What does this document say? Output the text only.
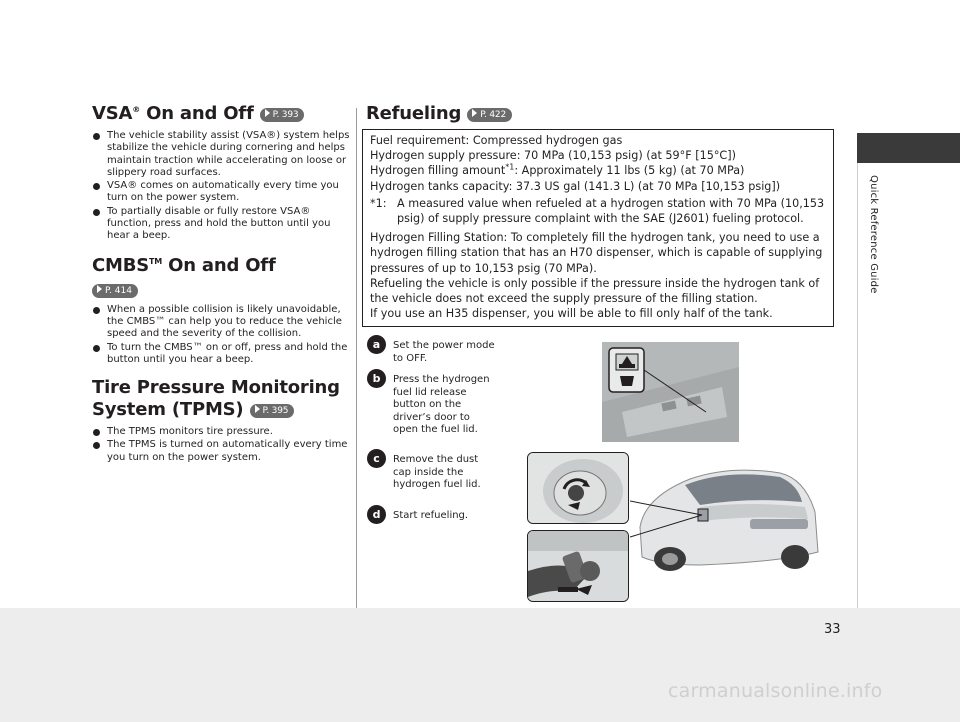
Quick Reference Guide
VSA® On and Off P. 393
The vehicle stability assist (VSA®) system helps stabilize the vehicle during cornering and helps maintain traction while accelerating on loose or slippery road surfaces.
VSA® comes on automatically every time you turn on the power system.
To partially disable or fully restore VSA® function, press and hold the button until you hear a beep.
CMBS™ On and Off
P. 414
When a possible collision is likely unavoidable, the CMBS™ can help you to reduce the vehicle speed and the severity of the collision.
To turn the CMBS™ on or off, press and hold the button until you hear a beep.
Tire Pressure Monitoring
System (TPMS) P. 395
The TPMS monitors tire pressure.
The TPMS is turned on automatically every time you turn on the power system.
Refueling P. 422

Fuel requirement: Compressed hydrogen gas

Hydrogen supply pressure: 70 MPa (10,153 psig) (at 59°F [15°C])

Hydrogen filling amount$^{*1}$: Approximately 11 lbs (5 kg) (at 70 MPa)

Hydrogen tanks capacity: 37.3 US gal (141.3 L) (at 70 MPa [10,153 psig])

*1: A measured value when refueled at a hydrogen station with 70 MPa (10,153 psig) of supply pressure complaint with the SAE (J2601) fueling protocol.

Hydrogen Filling Station: To completely fill the hydrogen tank, you need to use a hydrogen filling station that has an H70 dispenser, which is capable of supplying pressures of up to 10,153 psig (70 MPa).

Refueling the vehicle is only possible if the pressure inside the hydrogen tank of the vehicle does not exceed the supply pressure of the filling station.

If you use an H35 dispenser, you will be able to fill only half of the tank.

a	Set the power mode to OFF.
b	Press the hydrogen fuel lid release button on the driver’s door to open the fuel lid.
c	Remove the dust cap inside the hydrogen fuel lid.
d	Start refueling.
33
carmanualsonline.info
